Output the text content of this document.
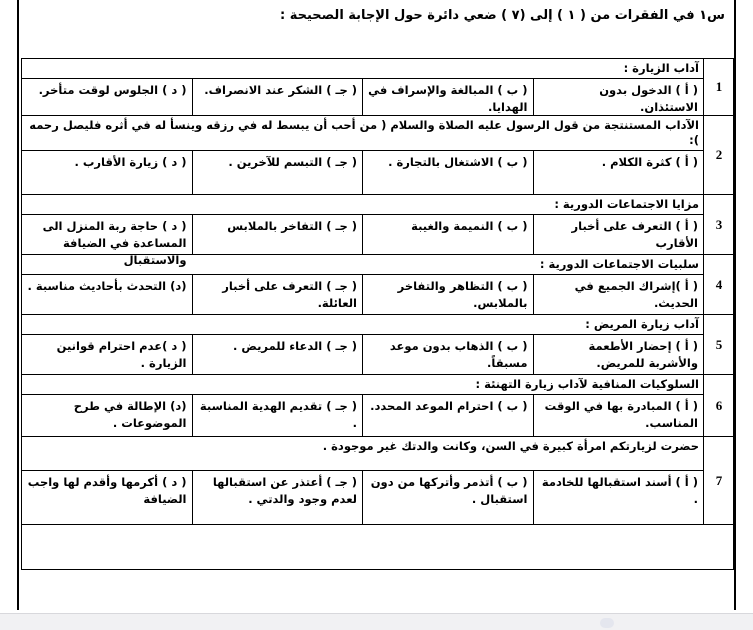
س١ في الفقرات من ( ١ ) إلى (٧ ) ضعي دائرة حول الإجابة الصحيحة :
1	آداب الزيارة :

	( أ ) الدخول بدون الاستئذان.
( ب ) المبالغة والإسراف في الهدايا.
( جـ ) الشكر عند الانصراف.
( د ) الجلوس لوقت متأخر.

2	الآداب المستنتجة من قول الرسول عليه الصلاة والسلام ( من أحب أن يبسط له في رزقه وينسأ له في أثره فليصل رحمه ):

	( أ ) كثرة الكلام .
( ب ) الاشتغال بالتجارة .
( جـ ) التبسم للآخرين .
( د ) زيارة الأقارب .

3	مزايا الاجتماعات الدورية :

	( أ ) التعرف على أخبار الأقارب
( ب ) النميمة والغيبة
( جـ ) التفاخر بالملابس
( د ) حاجة ربة المنزل الى المساعدة في الضيافة والاستقبال

4	سلبيات الاجتماعات الدورية :

	( أ )إشراك الجميع في الحديث.
( ب ) التظاهر والتفاخر بالملابس.
( جـ ) التعرف على أخبار العائلة.
(د) التحدث بأحاديث مناسبة .

5	آداب زيارة المريض :

	( أ ) إحضار الأطعمة والأشربة للمريض.
( ب ) الذهاب بدون موعد مسبقاً.
( جـ ) الدعاء للمريض .
( د )عدم احترام قوانين الزيارة .

6	السلوكيات المنافية لآداب زيارة التهنئة :

	( أ ) المبادرة بها في الوقت المناسب.
( ب ) احترام الموعد المحدد.
( جـ ) تقديم الهدية المناسبة .
(د) الإطالة في طرح الموضوعات .

7	حضرت لزيارتكم امرأة كبيرة في السن، وكانت والدتك غير موجودة .

	( أ ) أسند استقبالها للخادمة .
( ب ) أتذمر وأتركها من دون استقبال .
( جـ ) أعتذر عن استقبالها لعدم وجود والدتي .
( د ) أكرمها وأقدم لها واجب الضيافة
